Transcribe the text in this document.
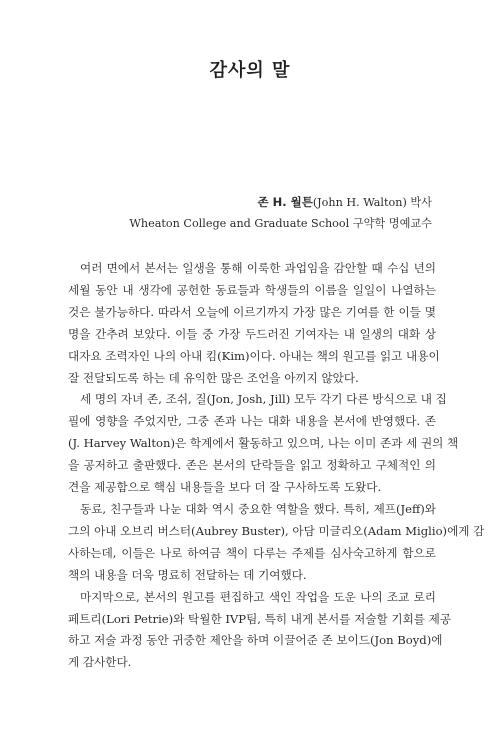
감사의 말
존 H. 월튼(John H. Walton) 박사
Wheaton College and Graduate School 구약학 명예교수

여러 면에서 본서는 일생을 통해 이룩한 과업임을 감안할 때 수십 년의
세월 동안 내 생각에 공헌한 동료들과 학생들의 이름을 일일이 나열하는
것은 불가능하다. 따라서 오늘에 이르기까지 가장 많은 기여를 한 이들 몇
명을 간추려 보았다. 이들 중 가장 두드러진 기여자는 내 일생의 대화 상
대자요 조력자인 나의 아내 킴(Kim)이다. 아내는 책의 원고를 읽고 내용이
잘 전달되도록 하는 데 유익한 많은 조언을 아끼지 않았다.

세 명의 자녀 존, 조쉬, 질(Jon, Josh, Jill) 모두 각기 다른 방식으로 내 집
필에 영향을 주었지만, 그중 존과 나는 대화 내용을 본서에 반영했다. 존
(J. Harvey Walton)은 학계에서 활동하고 있으며, 나는 이미 존과 세 권의 책
을 공저하고 출판했다. 존은 본서의 단락들을 읽고 정확하고 구체적인 의
견을 제공함으로 핵심 내용들을 보다 더 잘 구사하도록 도왔다.

동료, 친구들과 나눈 대화 역시 중요한 역할을 했다. 특히, 제프(Jeff)와
그의 아내 오브리 버스터(Aubrey Buster), 아담 미글리오(Adam Miglio)에게 감
사하는데, 이들은 나로 하여금 책이 다루는 주제를 심사숙고하게 함으로
책의 내용을 더욱 명료히 전달하는 데 기여했다.

마지막으로, 본서의 원고를 편집하고 색인 작업을 도운 나의 조교 로리
페트리(Lori Petrie)와 탁월한 IVP팀, 특히 내게 본서를 저술할 기회를 제공
하고 저술 과정 동안 귀중한 제안을 하며 이끌어준 존 보이드(Jon Boyd)에
게 감사한다.
